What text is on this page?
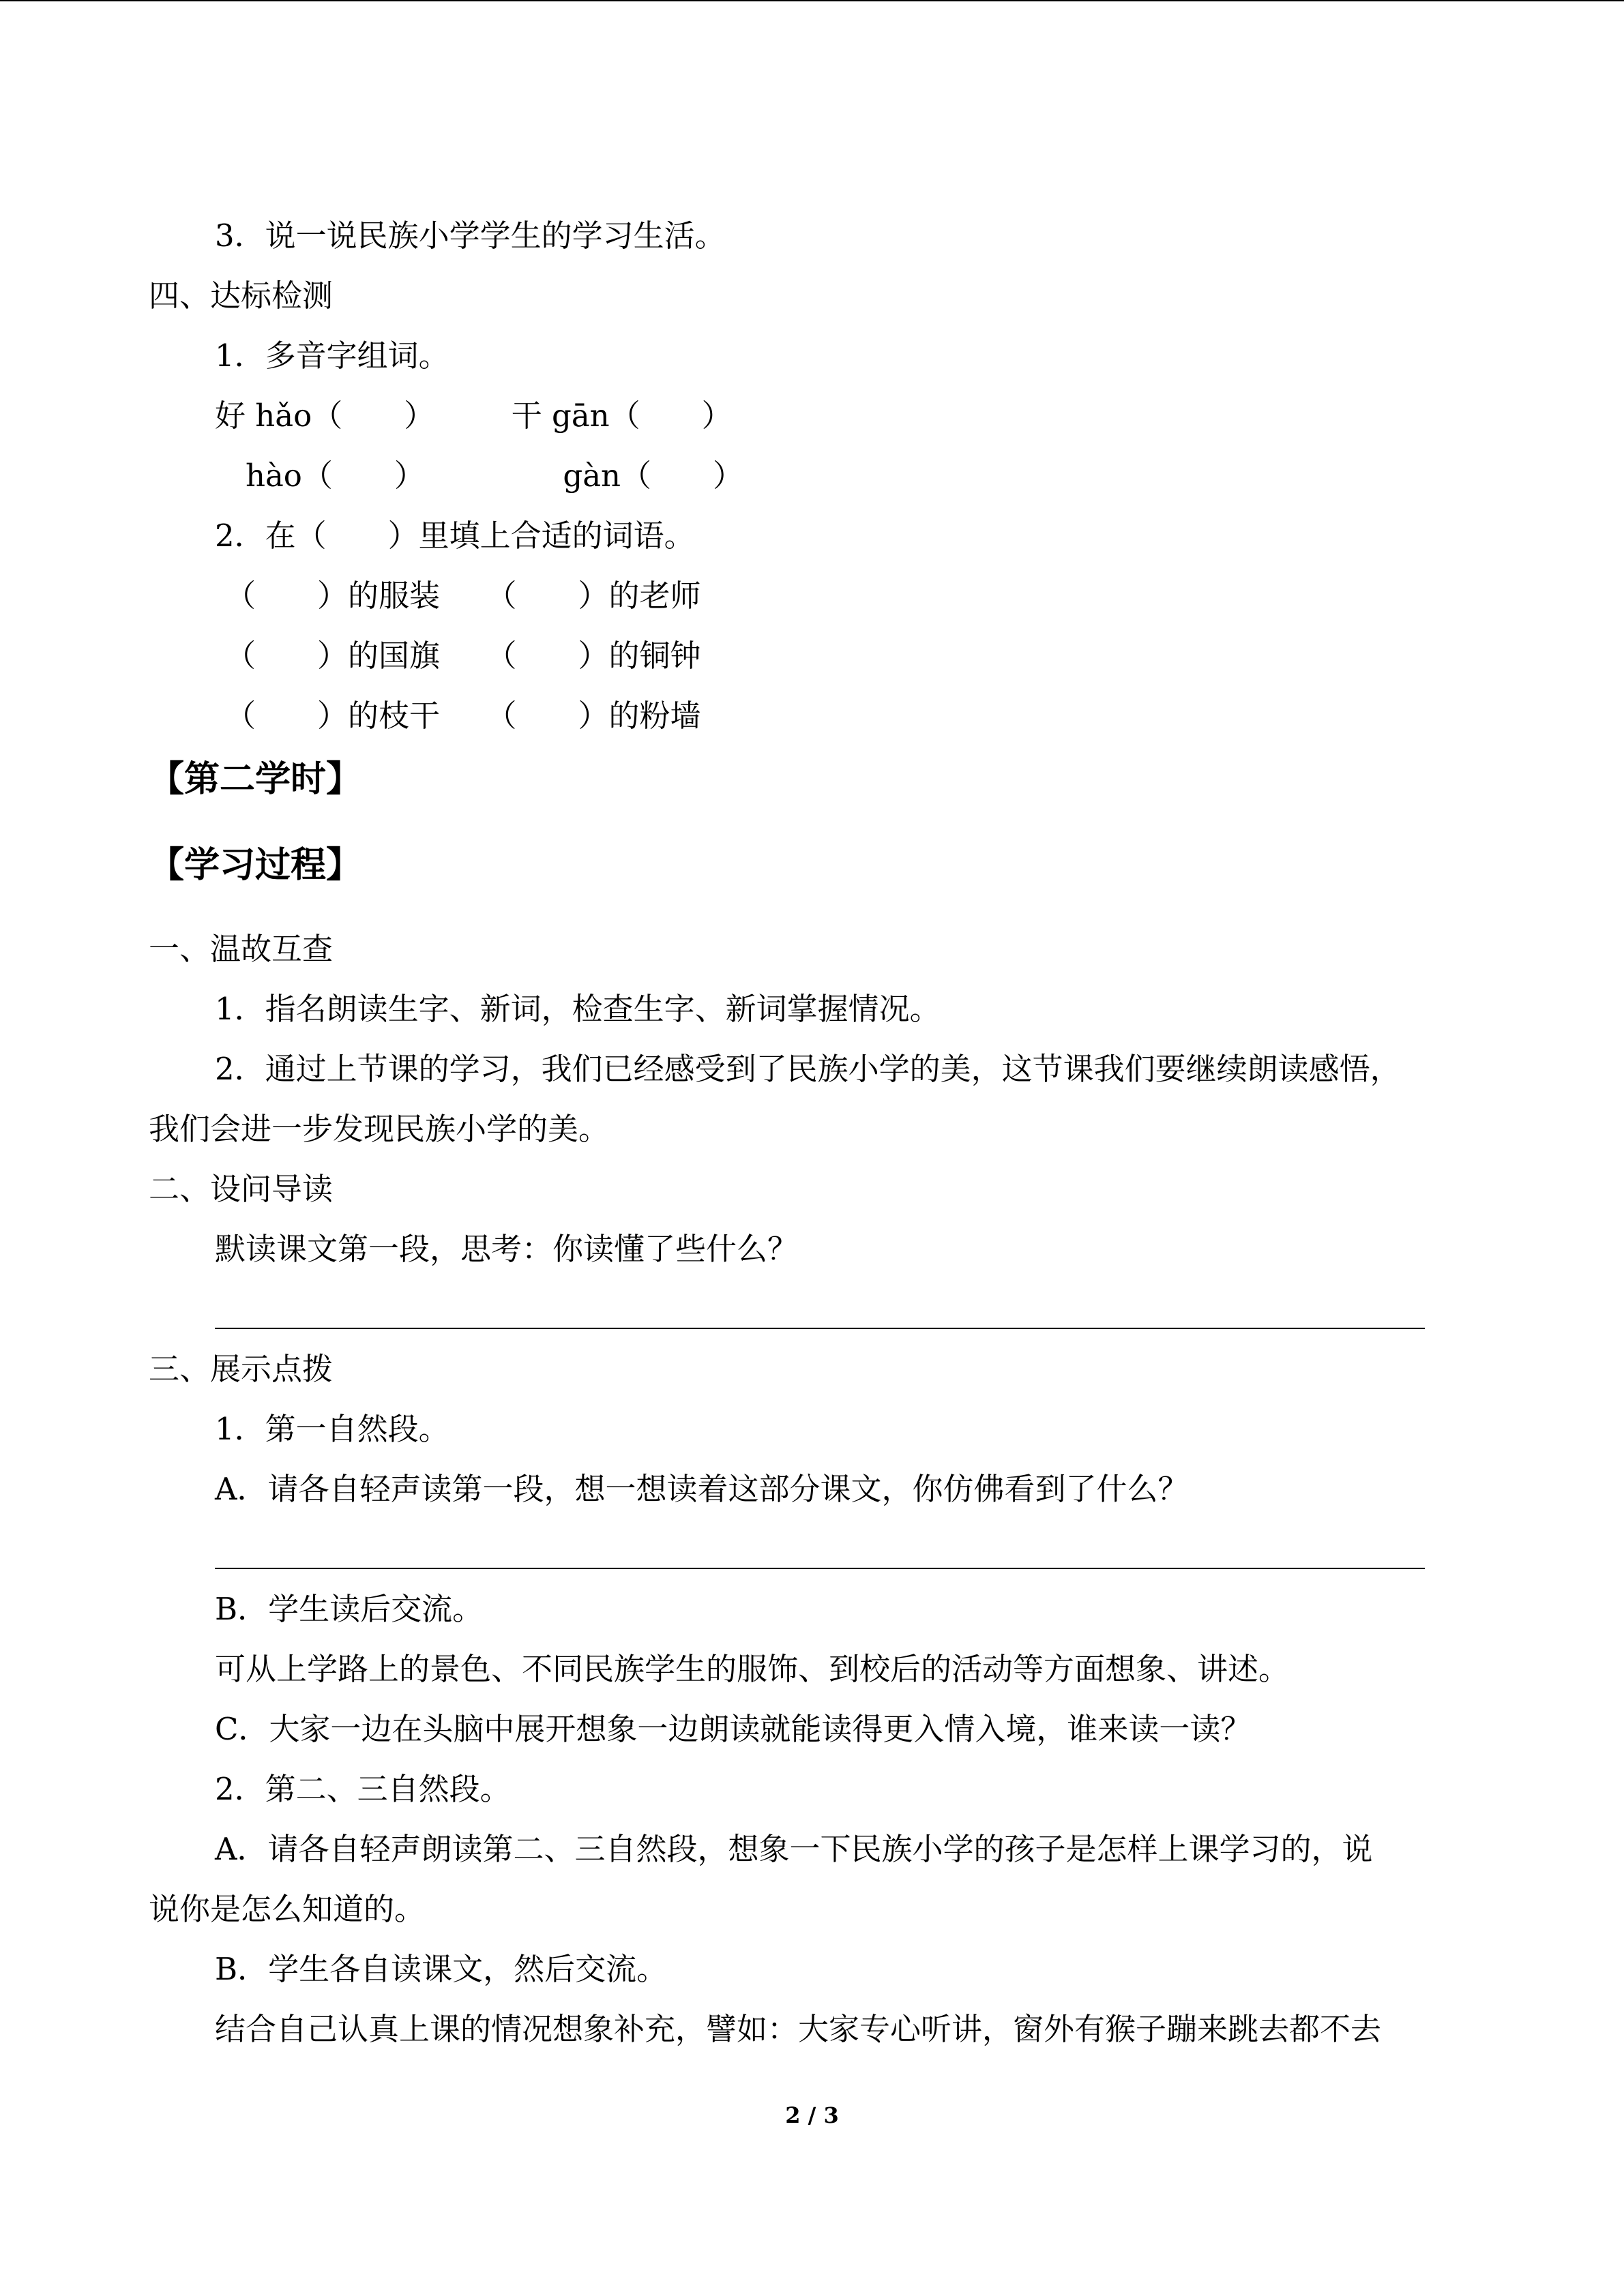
3．说一说民族小学学生的学习生活。
四、达标检测
1．多音字组词。
好 hǎo（　　）　　　干 gān（　　）
hào（　　）　　　　　gàn（　　）
2．在（　　）里填上合适的词语。
（　　）的服装　　（　　）的老师
（　　）的国旗　　（　　）的铜钟
（　　）的枝干　　（　　）的粉墙
【第二学时】
【学习过程】
一、温故互查
1．指名朗读生字、新词，检查生字、新词掌握情况。
2．通过上节课的学习，我们已经感受到了民族小学的美，这节课我们要继续朗读感悟，
我们会进一步发现民族小学的美。
二、设问导读
默读课文第一段，思考：你读懂了些什么？
三、展示点拨
1．第一自然段。
A．请各自轻声读第一段，想一想读着这部分课文，你仿佛看到了什么？
B．学生读后交流。
可从上学路上的景色、不同民族学生的服饰、到校后的活动等方面想象、讲述。
C．大家一边在头脑中展开想象一边朗读就能读得更入情入境，谁来读一读？
2．第二、三自然段。
A．请各自轻声朗读第二、三自然段，想象一下民族小学的孩子是怎样上课学习的，说
说你是怎么知道的。
B．学生各自读课文，然后交流。
结合自己认真上课的情况想象补充，譬如：大家专心听讲，窗外有猴子蹦来跳去都不去
2 / 3
